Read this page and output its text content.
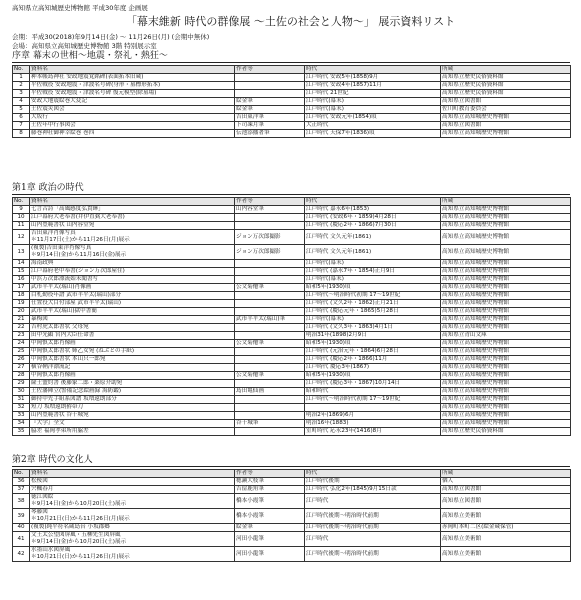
高知県立高知城歴史博物館 平成30年度 企画展
「幕末維新 時代の群像展 ～土佐の社会と人物～」 展示資料リスト
会期：平成30(2018)年9月14日(金) ～ 11月26日(月) (会期中無休)
会場：高知県立高知城歴史博物館 3階 特別展示室
序章 幕末の世相～地震・祭礼・熱狂～
No.	資料名	作者等	時代	所蔵
1	种本帳島神社 安政地震覚銘碑(表面拓本旧蔵)		江戸時代 安政5年(1858)9月	高知県立歴史民俗資料館
2	平佐戦役 安政地震・津波名号碑(身形・墓標形拓本)		江戸時代 安政4年(1857)11月	高知県立歴史民俗資料館
3	平佐戦役 安政地震・津波名号碑 復元模型(除墓場)		江戸時代 21世紀	高知県立歴史民俗資料館
4	安政大地震絵巻大変記	絵金筆	江戸時代(幕末)	高知県立図書館
5	土佐震災図会	絵金筆	江戸時代(幕末)	佐川町教育委員会
6	大坂行	吉田東洋筆	江戸時代 安政元年(1854)頃	高知県立高知城歴史博物館
7	土佐年中行事図会	下司凍月筆	大正時代	高知県立図書館
8	藤巻神社御神幸絵巻 巻四	伝池添播著筆	江戸時代 天保7年(1836)頃	高知県立高知城歴史博物館
第1章 政治の時代
No.	資料名	作者等	時代	所蔵
9	七言古詩「高風感度弘貴曄」	山内容堂筆	江戸時代 嘉永6年(1853)	高知県立高知城歴史博物館
10	江戸幕府大老奉書(井伊直弼大老奉書)		江戸時代 (安政6年・1859)4月28日	高知県立高知城歴史博物館
11	山内豊範書状 山内容堂宛		江戸時代 (慶応2年・1866)7月30日	高知県立高知城歴史博物館
12	吉田東洋肖像写真
＊11月17日(土)から11月26日(月)展示	ジョン万次郎撮影	江戸時代 文久元年(1861)	高知県立高知城歴史博物館
13	(複製)吉田東洋肖像写真
＊9月14日(金)から11月16日(金)展示	ジョン万次郎撮影	江戸時代 文久元年(1861)	高知県立高知城歴史博物館
14	海南政典		江戸時代(幕末)	高知県立高知城歴史博物館
15	江戸幕府老中奉書(ジョン万次郎屋住)		江戸時代 (嘉永7年・1854)正月9日	高知県立高知城歴史博物館
16	中浜万次郎漂流始末聞書写		江戸時代(幕末)	高知県立高知城歴史博物館
17	武市半平太(瑞山)肖像画	公文菊僊筆	昭和5年(1930)頃	高知県立高知城歴史博物館
18	白札勤役年譜 武市半平太(瑞山)部分		江戸時代～明治時代初期 17～19世紀	高知県立高知城歴史博物館
19	仕置役大目付部屋 武市半平太(瑞山)		江戸時代 (文久2年・1862)正月21日	高知県立高知城歴史博物館
20	武市半平太(瑞山)獄中書簡		江戸時代 (慶応元年・1865)5月28日	高知県立高知城歴史博物館
21	暴梅図	武市半平太(瑞山)筆	江戸時代(幕末)	高知県立高知城歴史博物館
22	吉村虎太郎書状 父母宛		江戸時代 (文久3年・1863)4月1日	高知県立高知城歴史博物館
23	田中光顕 宮内大臣任命書		明治31年(1898)2月9日	高知県立青山文庫
24	中岡慎太郎肖像画	公文菊僊筆	昭和5年(1930)頃	高知県立高知城歴史博物館
25	中岡慎太郎書状 姉乙女宛 (ねぶとの手紙)		江戸時代 (元治元年・1864)6月28日	高知県立高知城歴史博物館
26	中岡慎太郎書状 本山只一郎宛		江戸時代 (慶応2年・1866)11月	高知県立高知城歴史博物館
27	横谷鞆洋漂流記		江戸時代 慶応3年(1867)	高知県立高知城歴史博物館
28	中岡慎太郎肖像画	公文菊僊筆	昭和5年(1930)頃	高知県立高知城歴史博物館
29	薩土盟約書 後藤象二郎・桑原介助宛		江戸時代 (慶応3年・1867)10月14日	高知県立高知城歴史博物館
30	土佐藩陣立(警備記念絵画録 海防鑑)	島田亀仙画	昭和時代	高知県立高知城歴史博物館
31	御持中先手組系図譜 坂増遠朗部分		江戸時代～明治時代初期 17～19世紀	高知県立高知城歴史博物館
32	短刀 坂増遠朗拵帯刀			高知県立高知城歴史博物館
33	山内豊範書状 谷干城宛		明治2年(1869)6月	高知県立高知城歴史博物館
34	『大学』全文	谷干城筆	明治16年(1883)	高知県立高知城歴史博物館
35	脇差 福岡孝弟所用脇差		室町時代 応永23年(1416)8月	高知県立歴史民俗資料館
第2章 時代の文化人
No.	資料名	作者等	時代	所蔵
36	松桜図	穂瀬大枝筆	江戸時代後期	個人
37	宍楓春月	吉留鹿角筆	江戸時代 弘化2年(1845)9月15日款	高知県立図書館
38	徳江図絵
＊9月14日(金)から10月20日(土)展示	橋本小霞筆	江戸時代	高知県立図書館
39	琴藤図
＊10月21日(日)から11月26日(月)展示	橋本小霞筆	江戸時代後期～明治時代前期	高知県立美術館
40	(複製)純平符名蔵島台 小坂郡郷	絵金筆	江戸時代後期～明治時代前期	赤岡町本町二区(絵金蔵保管)
41	文王太公望図屏風・五柳先生図屏風
＊9月14日(金)から10月20日(土)展示	河田小龍筆	江戸時代	高知県立美術館
42	水墨山水図屏風
＊10月21日(日)から11月26日(月)展示	河田小龍筆	江戸時代後期～明治時代前期	高知県立美術館
